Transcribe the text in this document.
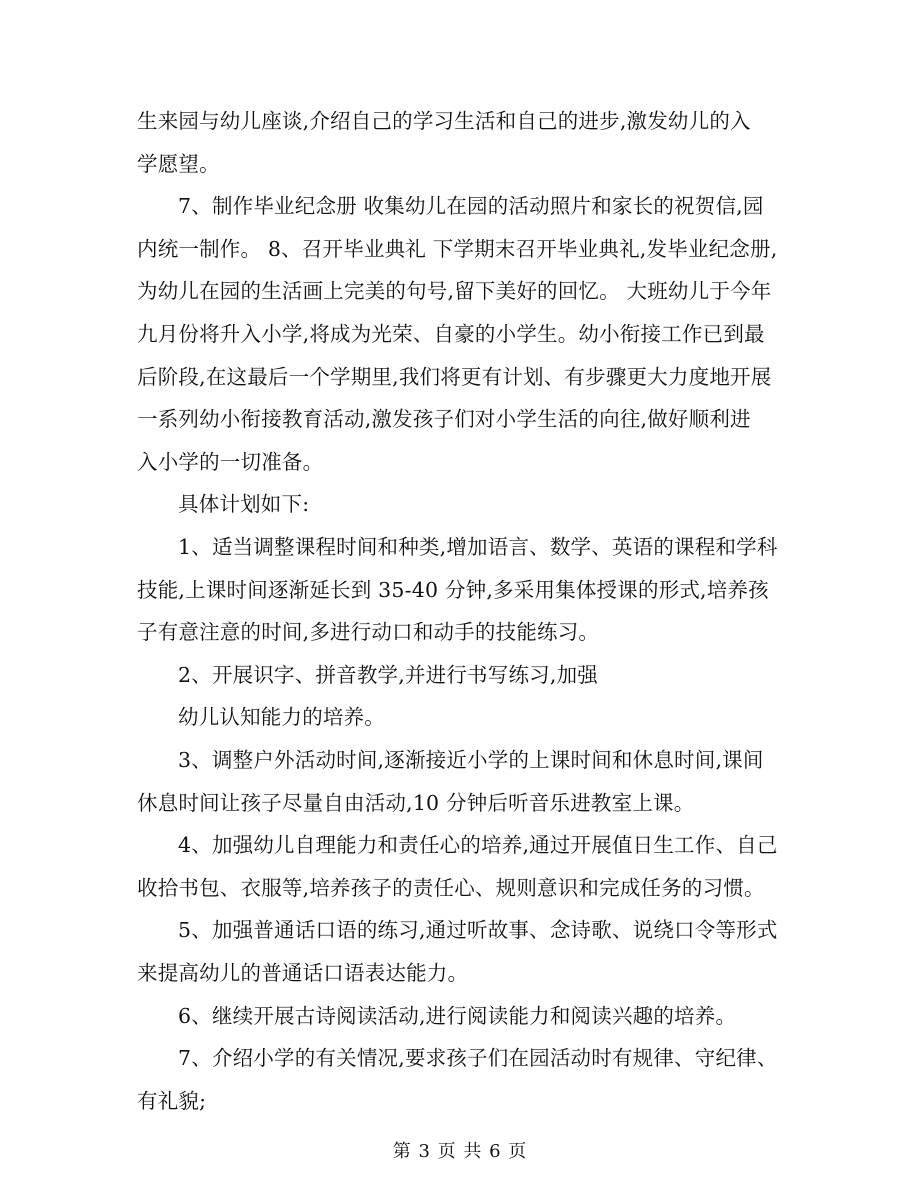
生来园与幼儿座谈,介绍自己的学习生活和自己的进步,激发幼儿的入
学愿望。
7、制作毕业纪念册 收集幼儿在园的活动照片和家长的祝贺信,园
内统一制作。 8、召开毕业典礼 下学期末召开毕业典礼,发毕业纪念册,
为幼儿在园的生活画上完美的句号,留下美好的回忆。 大班幼儿于今年
九月份将升入小学,将成为光荣、自豪的小学生。幼小衔接工作已到最
后阶段,在这最后一个学期里,我们将更有计划、有步骤更大力度地开展
一系列幼小衔接教育活动,激发孩子们对小学生活的向往,做好顺利进
入小学的一切准备。
具体计划如下:
1、适当调整课程时间和种类,增加语言、数学、英语的课程和学科
技能,上课时间逐渐延长到 35-40 分钟,多采用集体授课的形式,培养孩
子有意注意的时间,多进行动口和动手的技能练习。
2、开展识字、拼音教学,并进行书写练习,加强
幼儿认知能力的培养。
3、调整户外活动时间,逐渐接近小学的上课时间和休息时间,课间
休息时间让孩子尽量自由活动,10 分钟后听音乐进教室上课。
4、加强幼儿自理能力和责任心的培养,通过开展值日生工作、自己
收拾书包、衣服等,培养孩子的责任心、规则意识和完成任务的习惯。
5、加强普通话口语的练习,通过听故事、念诗歌、说绕口令等形式
来提高幼儿的普通话口语表达能力。
6、继续开展古诗阅读活动,进行阅读能力和阅读兴趣的培养。
7、介绍小学的有关情况,要求孩子们在园活动时有规律、守纪律、
第 3 页 共 6 页
有礼貌;
